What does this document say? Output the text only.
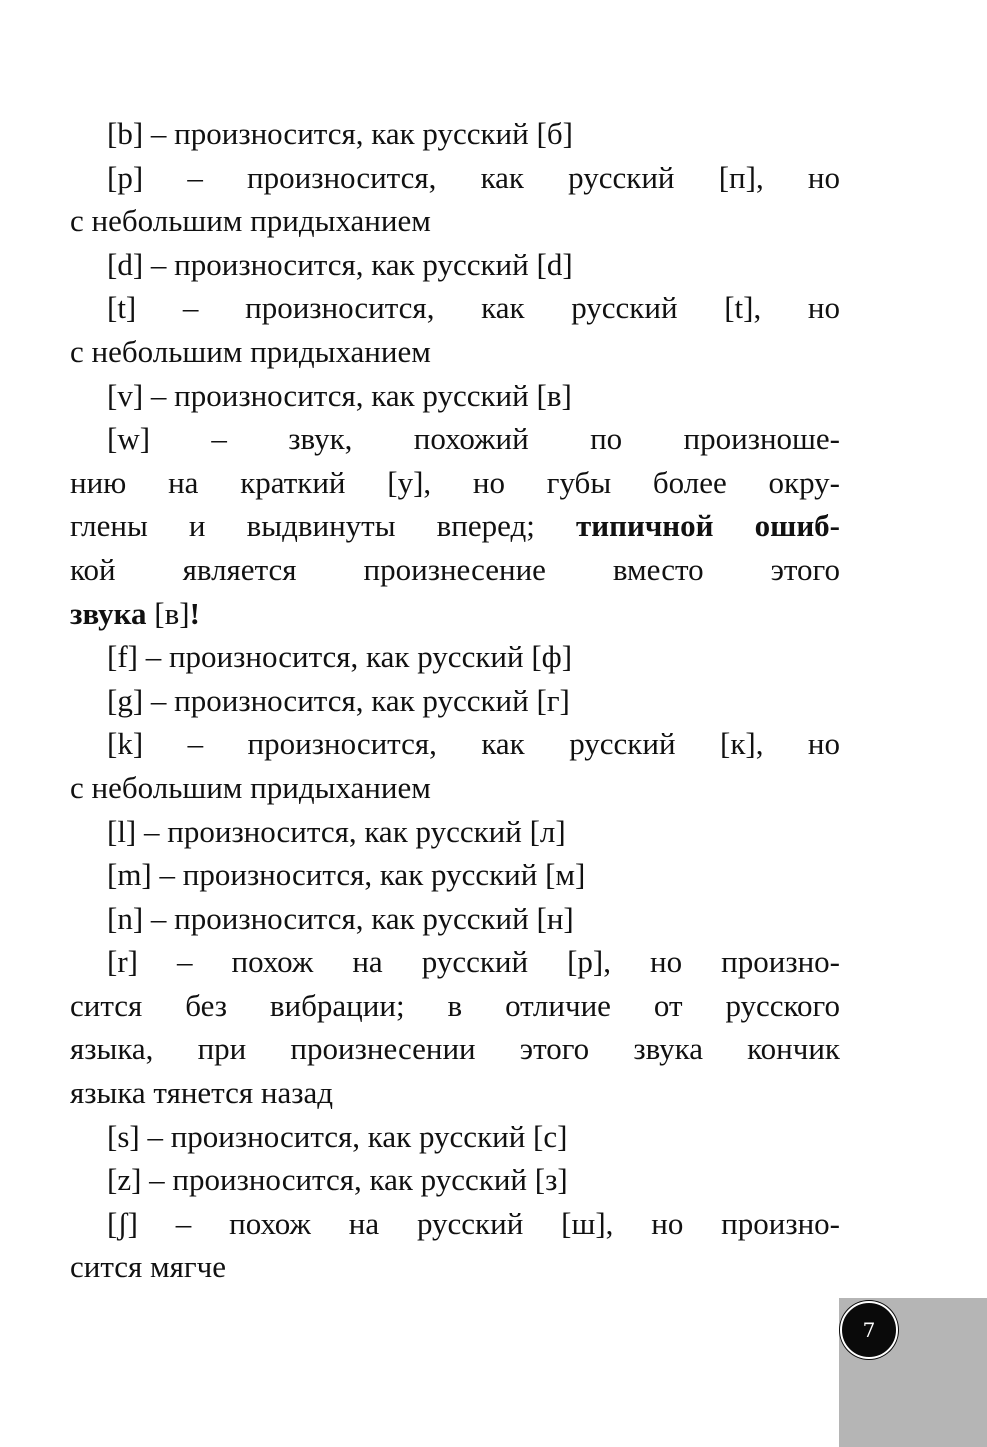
[b] – произносится, как русский [б]
[p] – произносится, как русский [п], но
с небольшим придыханием
[d] – произносится, как русский [d]
[t] – произносится, как русский [t], но
с небольшим придыханием
[v] – произносится, как русский [в]
[w] – звук, похожий по произноше-
нию на краткий [у], но губы более окру-
глены и выдвинуты вперед; типичной ошиб-
кой является произнесение вместо этого
звука [в]!
[f] – произносится, как русский [ф]
[g] – произносится, как русский [г]
[k] – произносится, как русский [к], но
с небольшим придыханием
[l] – произносится, как русский [л]
[m] – произносится, как русский [м]
[n] – произносится, как русский [н]
[r] – похож на русский [р], но произно-
сится без вибрации; в отличие от русского
языка, при произнесении этого звука кончик
языка тянется назад
[s] – произносится, как русский [с]
[z] – произносится, как русский [з]
[ʃ] – похож на русский [ш], но произно-
сится мягче
7
